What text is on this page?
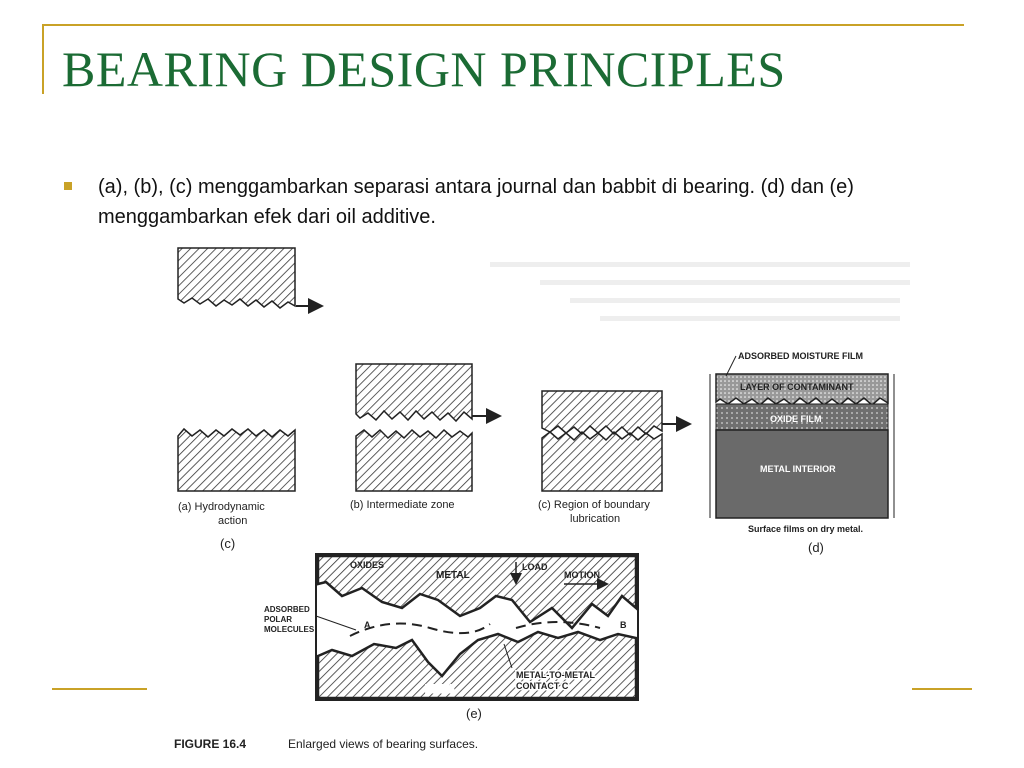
BEARING DESIGN PRINCIPLES

(a), (b), (c) menggambarkan separasi antara journal dan babbit di bearing. (d) dan (e) menggambarkan efek dari oil additive.

(a) Hydrodynamic
action
(c)
(b) Intermediate zone	(c) Region of boundary
lubrication
ADSORBED MOISTURE FILM
LAYER OF CONTAMINANT
OXIDE FILM
METAL INTERIOR
Surface films on dry metal.
(d)
OXIDES
METAL
LOAD
MOTION
ADSORBED
POLAR
MOLECULES	A	B
METAL
METAL-TO-METAL
CONTACT C
(e)
FIGURE 16.4	Enlarged views of bearing surfaces.
